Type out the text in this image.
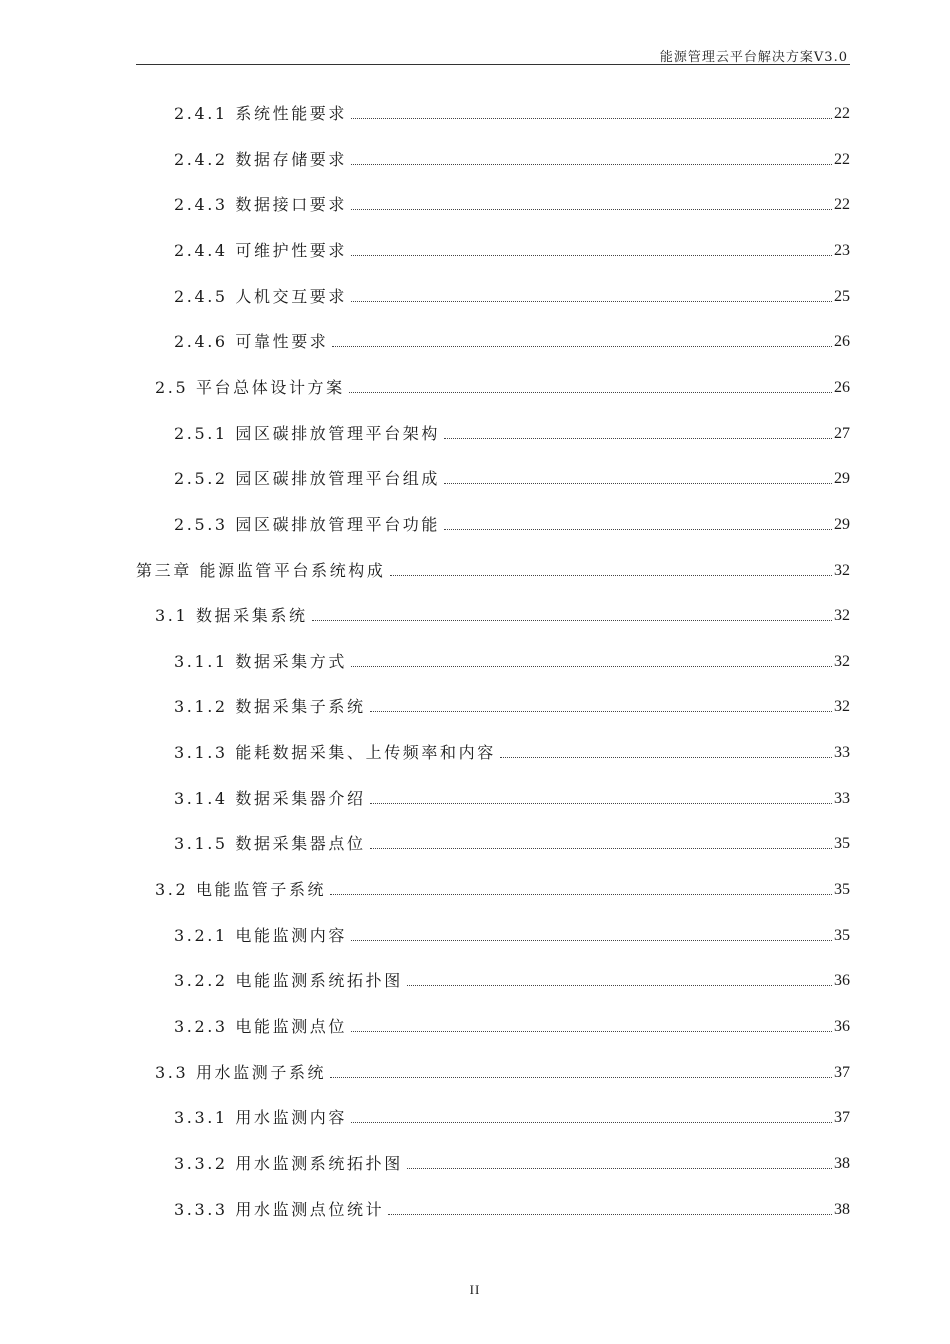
能源管理云平台解决方案V3.0
2.4.1 系统性能要求	22
2.4.2 数据存储要求	22
2.4.3 数据接口要求	22
2.4.4 可维护性要求	23
2.4.5 人机交互要求	25
2.4.6 可靠性要求	26
2.5 平台总体设计方案	26
2.5.1 园区碳排放管理平台架构	27
2.5.2 园区碳排放管理平台组成	29
2.5.3 园区碳排放管理平台功能	29
第三章 能源监管平台系统构成	32
3.1 数据采集系统	32
3.1.1 数据采集方式	32
3.1.2 数据采集子系统	32
3.1.3 能耗数据采集、上传频率和内容	33
3.1.4 数据采集器介绍	33
3.1.5 数据采集器点位	35
3.2 电能监管子系统	35
3.2.1 电能监测内容	35
3.2.2 电能监测系统拓扑图	36
3.2.3 电能监测点位	36
3.3 用水监测子系统	37
3.3.1 用水监测内容	37
3.3.2 用水监测系统拓扑图	38
3.3.3 用水监测点位统计	38
II
